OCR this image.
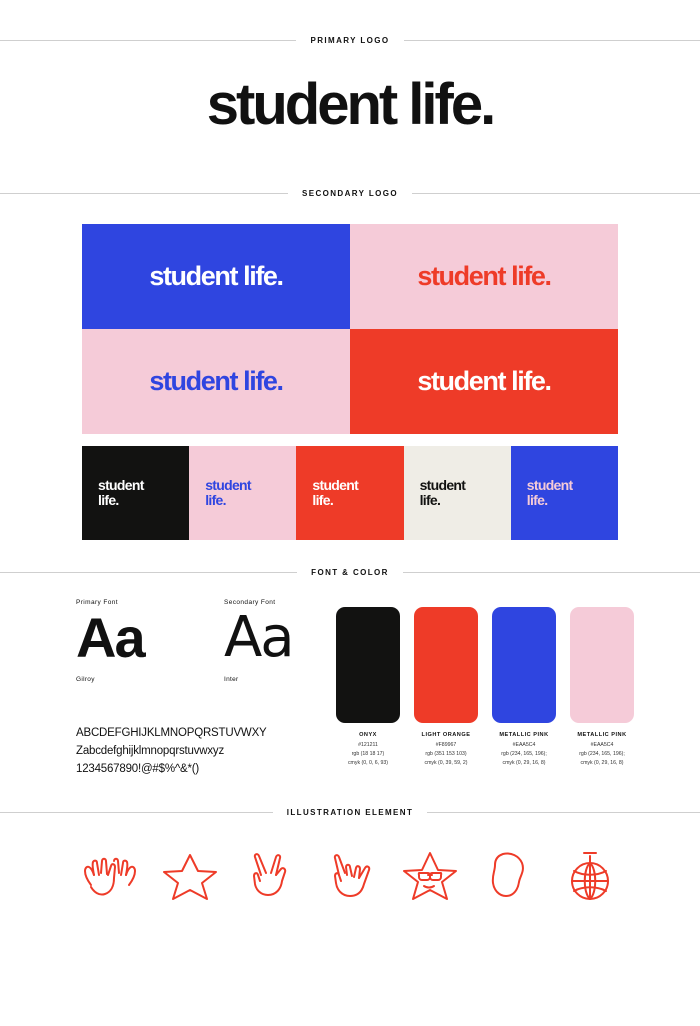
PRIMARY LOGO
student life.
SECONDARY LOGO
student life.	student life.
student life.	student life.
student
life.
student
life.
student
life.
student
life.
student
life.
FONT & COLOR
Primary Font
Aa
Gilroy
Secondary Font
Aa
Inter
ABCDEFGHIJKLMNOPQRSTUVWXY
Zabcdefghijklmnopqrstuvwxyz
1234567890!@#$%^&*()
ONYX
#121211
rgb (18 18 17)
cmyk (0, 0, 6, 93)
LIGHT ORANGE
#F89967
rgb (351 153 103)
cmyk (0, 39, 59, 2)
METALLIC PINK
#EAA5C4
rgb (234, 165, 196);
cmyk (0, 29, 16, 8)
METALLIC PINK
#EAA5C4
rgb (234, 165, 196);
cmyk (0, 29, 16, 8)
ILLUSTRATION ELEMENT
